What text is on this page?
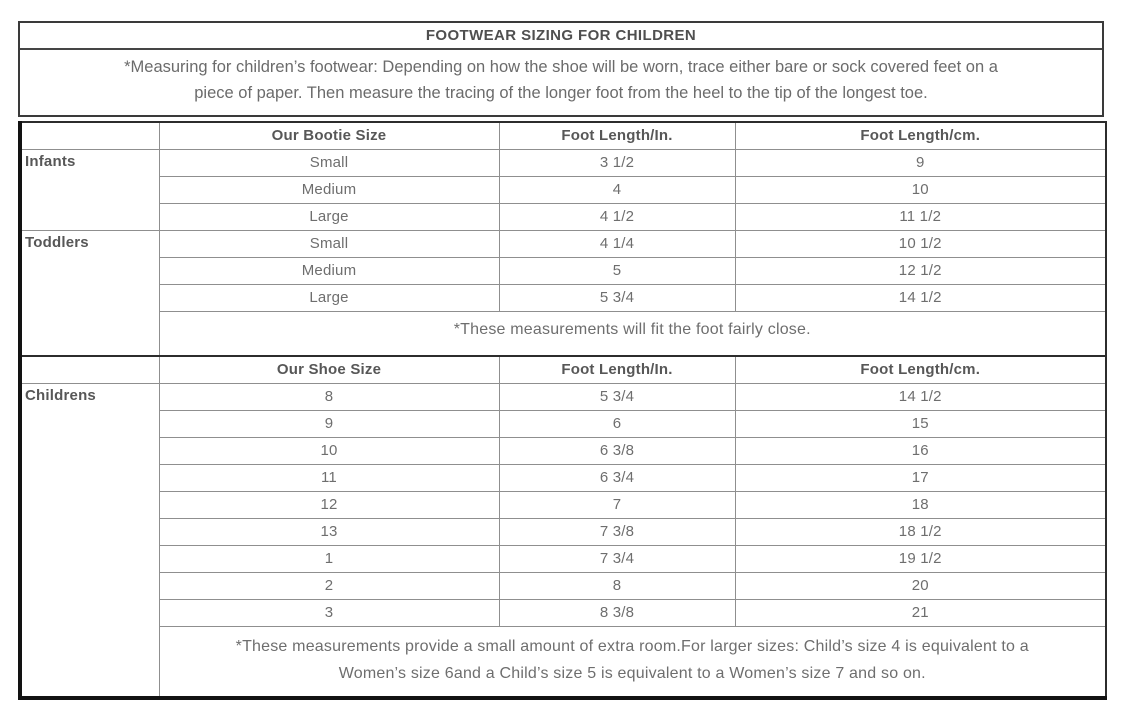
FOOTWEAR SIZING FOR CHILDREN
*Measuring for children’s footwear: Depending on how the shoe will be worn, trace either bare or sock covered feet on a piece of paper. Then measure the tracing of the longer foot from the heel to the tip of the longest toe.
	Our Bootie Size	Foot Length/In.	Foot Length/cm.
Infants	Small	3 1/2	9
	Medium	4	10
	Large	4 1/2	11 1/2
Toddlers	Small	4 1/4	10 1/2
	Medium	5	12 1/2
	Large	5 3/4	14 1/2
	*These measurements will fit the foot fairly close.		
	Our Shoe Size	Foot Length/In.	Foot Length/cm.
Childrens	8	5 3/4	14 1/2
	9	6	15
	10	6 3/8	16
	11	6 3/4	17
	12	7	18
	13	7 3/8	18 1/2
	1	7 3/4	19 1/2
	2	8	20
	3	8 3/8	21
	*These measurements provide a small amount of extra room.For larger sizes: Child’s size 4 is equivalent to a Women’s size 6and a Child’s size 5 is equivalent to a Women’s size 7 and so on.		
